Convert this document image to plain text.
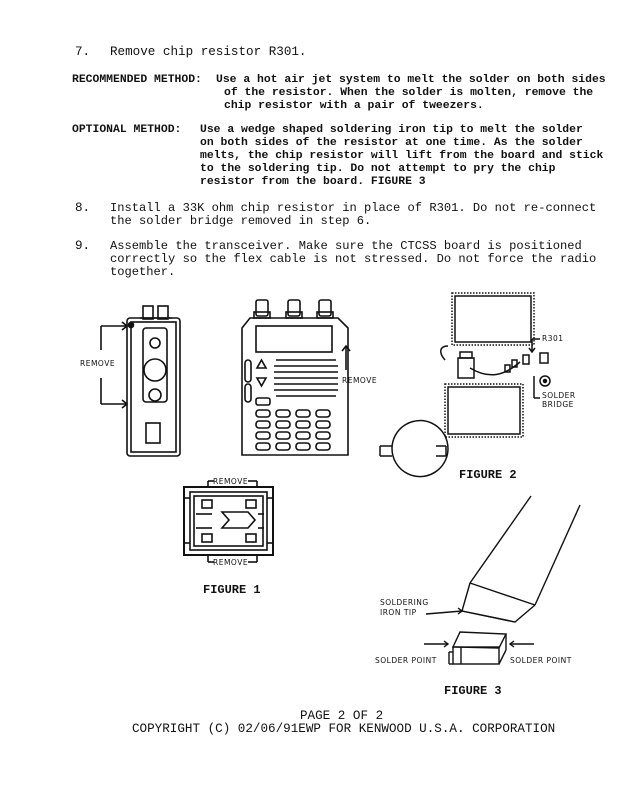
7. Remove chip resistor R301.
RECOMMENDED METHOD: Use a hot air jet system to melt the solder on both sides
of the resistor. When the solder is molten, remove the
chip resistor with a pair of tweezers.
OPTIONAL METHOD: Use a wedge shaped soldering iron tip to melt the solder
on both sides of the resistor at one time. As the solder
melts, the chip resistor will lift from the board and stick
to the soldering tip. Do not attempt to pry the chip
resistor from the board. FIGURE 3
8. Install a 33K ohm chip resistor in place of R301. Do not re-connect
the solder bridge removed in step 6.
9. Assemble the transceiver. Make sure the CTCSS board is positioned
correctly so the flex cable is not stressed. Do not force the radio
together.
REMOVE
REMOVE
REMOVE
REMOVE
FIGURE 1
R301
SOLDER
BRIDGE
FIGURE 2
SOLDERING
IRON TIP
SOLDER POINT	SOLDER POINT
FIGURE 3
PAGE 2 OF 2
COPYRIGHT (C) 02/06/91EWP FOR KENWOOD U.S.A. CORPORATION
